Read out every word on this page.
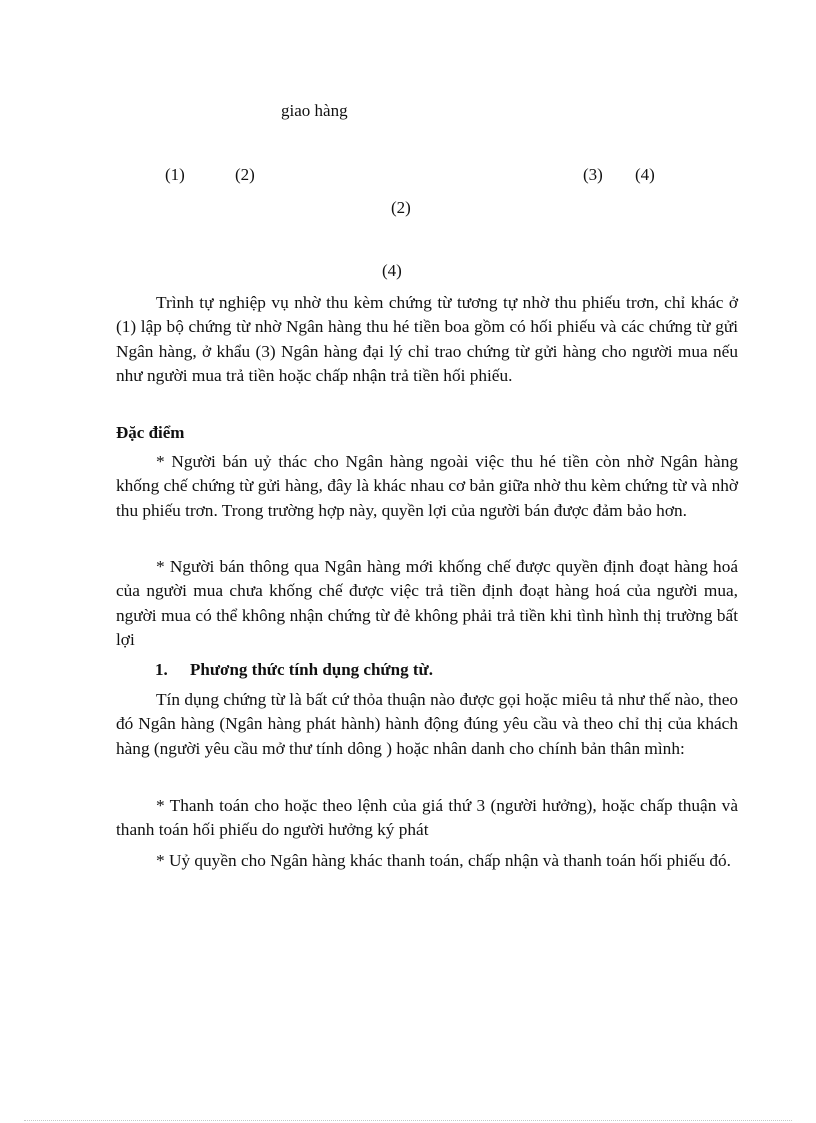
giao hàng
(1)	(2)	(3) (4)
(2)
(4)

Trình tự nghiệp vụ nhờ thu kèm chứng từ tương tự nhờ thu phiếu trơn, chỉ khác ở (1) lập bộ chứng từ nhờ Ngân hàng thu hé tiền boa gồm có hối phiếu và các chứng từ gửi Ngân hàng, ở khẩu (3) Ngân hàng đại lý chỉ trao chứng từ gửi hàng cho người mua nếu như người mua trả tiền hoặc chấp nhận trả tiền hối phiếu.

Đặc điểm

* Người bán uỷ thác cho Ngân hàng ngoài việc thu hé tiền còn nhờ Ngân hàng khống chế chứng từ gửi hàng, đây là khác nhau cơ bản giữa nhờ thu kèm chứng từ và nhờ thu phiếu trơn. Trong trường hợp này, quyền lợi của người bán được đảm bảo hơn.

* Người bán thông qua Ngân hàng mới khống chế được quyền định đoạt hàng hoá của người mua chưa khống chế được việc trả tiền định đoạt hàng hoá của người mua, người mua có thể không nhận chứng từ đẻ không phải trả tiền khi tình hình thị trường bất lợi

1. Phương thức tính dụng chứng từ.

Tín dụng chứng từ là bất cứ thỏa thuận nào được gọi hoặc miêu tả như thế nào, theo đó Ngân hàng (Ngân hàng phát hành) hành động đúng yêu cầu và theo chỉ thị của khách hàng (người yêu cầu mở thư tính dông ) hoặc nhân danh cho chính bản thân mình:

* Thanh toán cho hoặc theo lệnh của giá thứ 3 (người hưởng), hoặc chấp thuận và thanh toán hối phiếu do người hưởng ký phát

* Uỷ quyền cho Ngân hàng khác thanh toán, chấp nhận và thanh toán hối phiếu đó.
